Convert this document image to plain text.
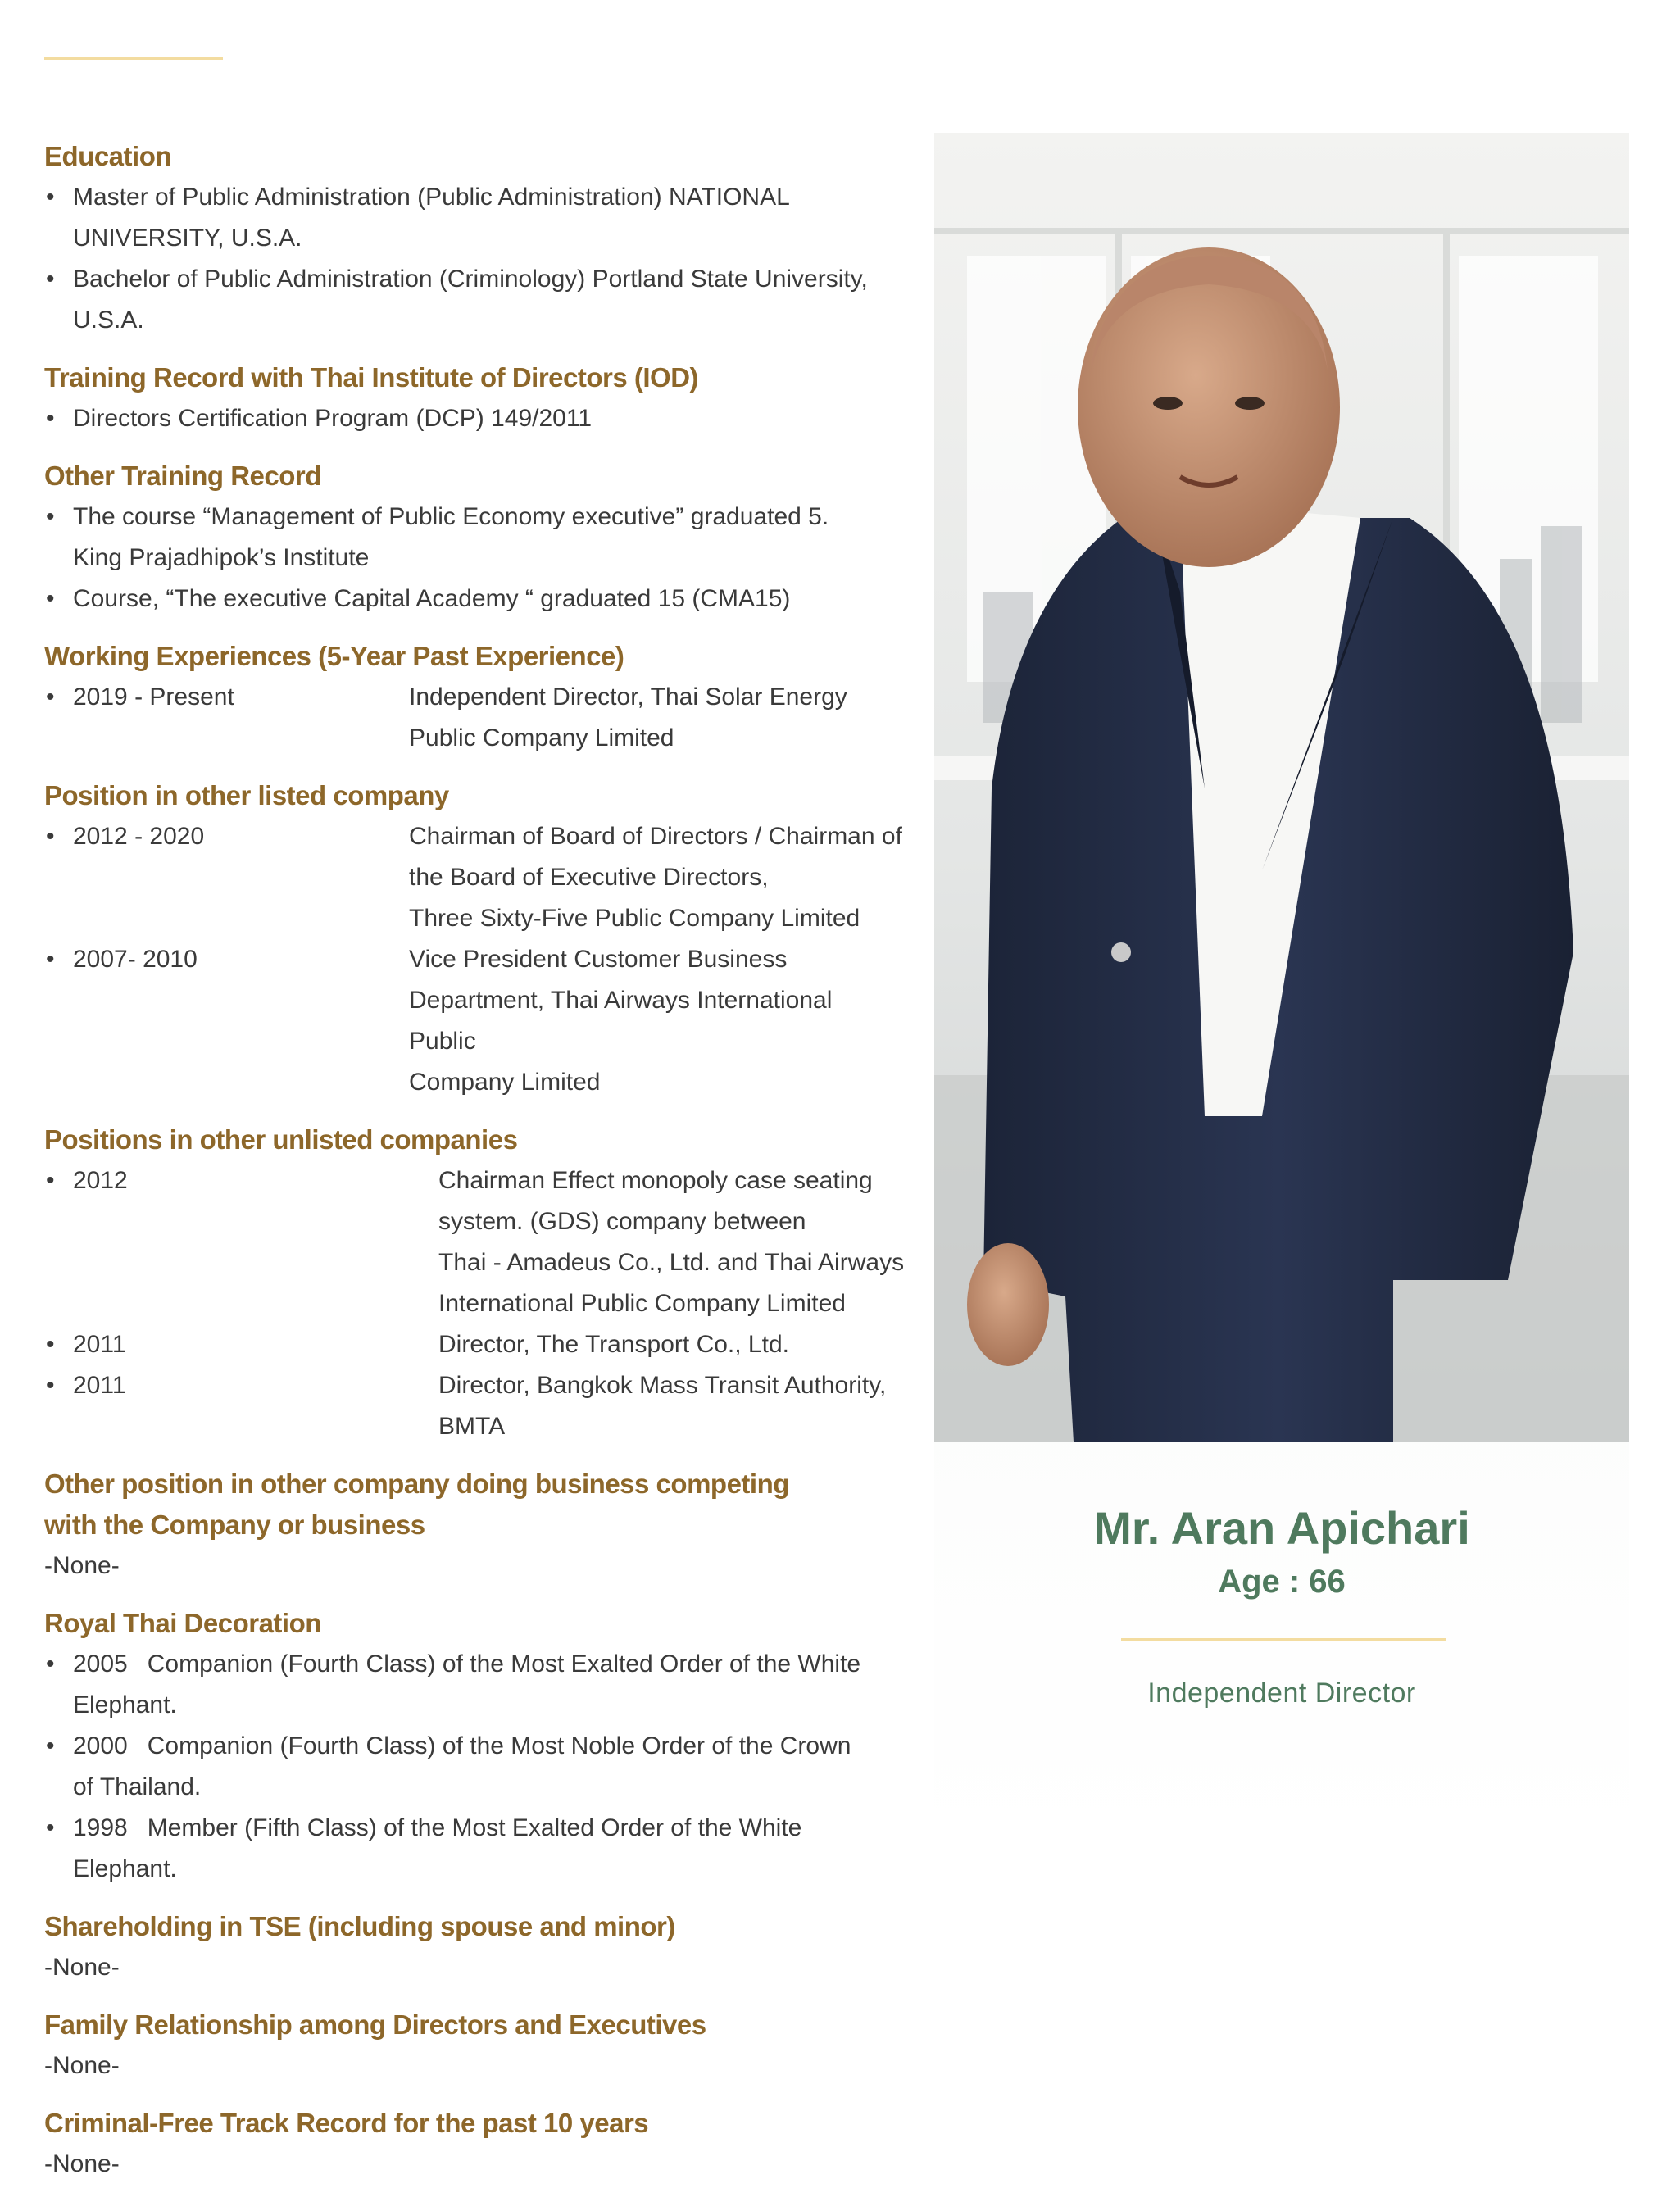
Education
• Master of Public Administration (Public Administration) NATIONAL
UNIVERSITY, U.S.A.
• Bachelor of Public Administration (Criminology) Portland State University,
U.S.A.
Training Record with Thai Institute of Directors (IOD)
• Directors Certification Program (DCP) 149/2011
Other Training Record
• The course “Management of Public Economy executive” graduated 5.
King Prajadhipok’s Institute
• Course, “The executive Capital Academy “ graduated 15 (CMA15)
Working Experiences (5-Year Past Experience)
• 2019 - Present	Independent Director, Thai Solar Energy
Public Company Limited
Position in other listed company
• 2012 - 2020	Chairman of Board of Directors / Chairman of
the Board of Executive Directors,
Three Sixty-Five Public Company Limited
• 2007- 2010	Vice President Customer Business
Department, Thai Airways International Public
Company Limited
Positions in other unlisted companies
• 2012	Chairman Effect monopoly case seating
system. (GDS) company between
Thai - Amadeus Co., Ltd. and Thai Airways
International Public Company Limited
• 2011	Director, The Transport Co., Ltd.
• 2011	Director, Bangkok Mass Transit Authority,
BMTA
Other position in other company doing business competing
with the Company or business
-None-
Royal Thai Decoration
• 2005 Companion (Fourth Class) of the Most Exalted Order of the White
Elephant.
• 2000 Companion (Fourth Class) of the Most Noble Order of the Crown
of Thailand.
• 1998 Member (Fifth Class) of the Most Exalted Order of the White
Elephant.
Shareholding in TSE (including spouse and minor)
-None-
Family Relationship among Directors and Executives
-None-
Criminal-Free Track Record for the past 10 years
-None-
Mr. Aran Apichari
Age : 66
Independent Director
